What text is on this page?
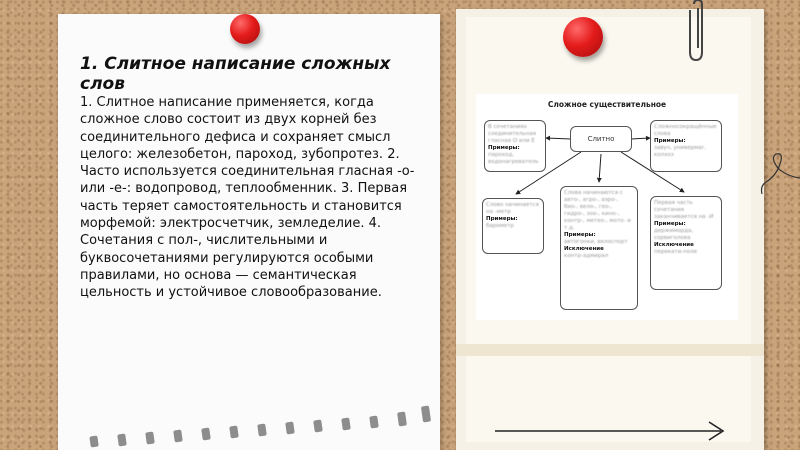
1. Слитное написание сложных слов
1. Слитное написание применяется, когда сложное слово состоит из двух корней без соединительного дефиса и сохраняет смысл целого: железобетон, пароход, зубопротез. 2. Часто используется соединительная гласная -о- или -е-: водопровод, теплообменник. 3. Первая часть теряет самостоятельность и становится морфемой: электросчетчик, земледелие. 4. Сочетания с пол-, числительными и буквосочетаниями регулируются особыми правилами, но основа — семантическая цельность и устойчивое словообразование.
Сложное существительное
Слитно
В сочетаниях соединительная гласная О или Е
Примеры:
пароход, водонагреватель
Сложносокращённые слова
Примеры:
завуч, универмаг, колхоз
Слово начинается на -метр
Примеры:
барометр
Слова начинаются с авто-, агро-, аэро-, био-, вело-, гео-, гидро-, зоо-, кино-, контр-, метео-, мото- и т.д.
Примеры:
автогонки, велоспорт
Исключение
контр-адмирал
Первая часть сочетания заканчивается на -И
Примеры:
держиморда, сорвиголова
Исключение
перекати-поле
